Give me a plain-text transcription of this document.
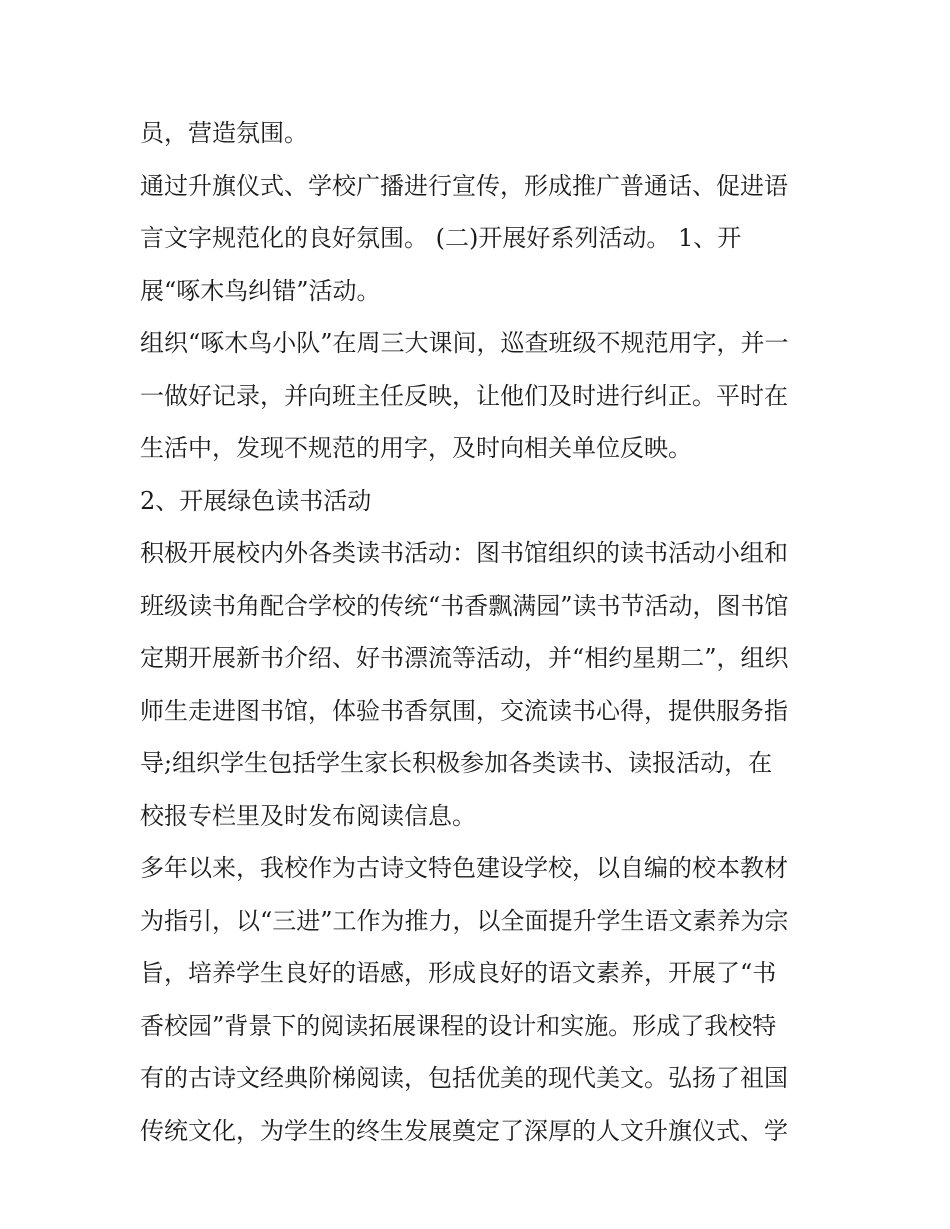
员，营造氛围。
通过升旗仪式、学校广播进行宣传，形成推广普通话、促进语
言文字规范化的良好氛围。 (二)开展好系列活动。 1、开
展“啄木鸟纠错”活动。
组织“啄木鸟小队”在周三大课间，巡查班级不规范用字，并一
一做好记录，并向班主任反映，让他们及时进行纠正。平时在
生活中，发现不规范的用字，及时向相关单位反映。
2、开展绿色读书活动
积极开展校内外各类读书活动：图书馆组织的读书活动小组和
班级读书角配合学校的传统“书香飘满园”读书节活动，图书馆
定期开展新书介绍、好书漂流等活动，并“相约星期二”，组织
师生走进图书馆，体验书香氛围，交流读书心得，提供服务指
导;组织学生包括学生家长积极参加各类读书、读报活动，在
校报专栏里及时发布阅读信息。
多年以来，我校作为古诗文特色建设学校，以自编的校本教材
为指引，以“三进”工作为推力，以全面提升学生语文素养为宗
旨，培养学生良好的语感，形成良好的语文素养，开展了“书
香校园”背景下的阅读拓展课程的设计和实施。形成了我校特
有的古诗文经典阶梯阅读，包括优美的现代美文。弘扬了祖国
传统文化，为学生的终生发展奠定了深厚的人文升旗仪式、学
